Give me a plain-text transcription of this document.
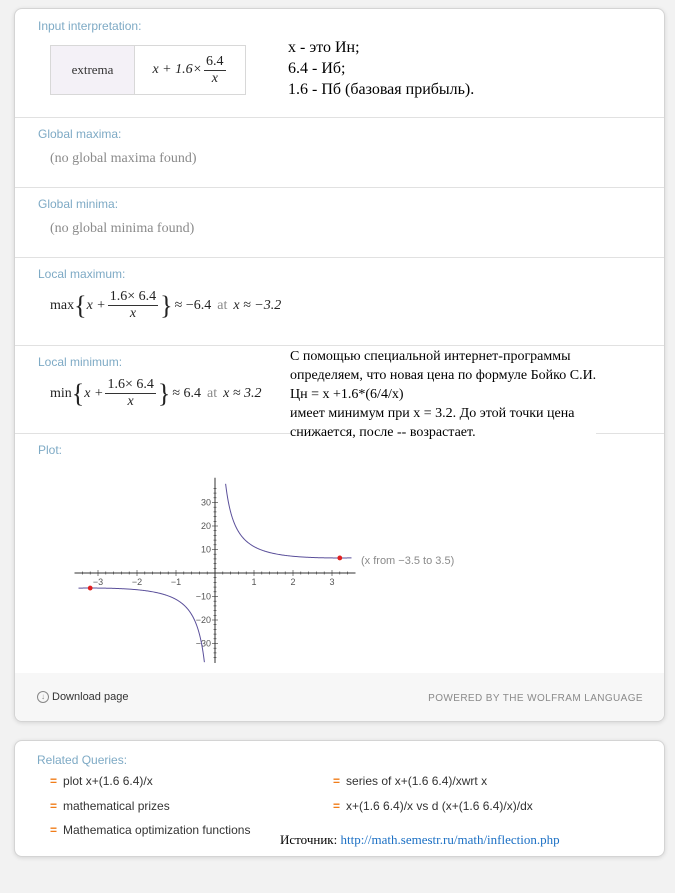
Input interpretation:
extrema	$x + 1.6\times \frac{6.4}{x}$
Global maxima:
(no global maxima found)
Global minima:
(no global minima found)
Local maximum:
max { $x + \frac{1.6\times 6.4}{x}$ } ≈ −6.4 at x ≈ −3.2
Local minimum:
min { $x + \frac{1.6\times 6.4}{x}$ } ≈ 6.4 at x ≈ 3.2
Plot:
−3	−2	−1	1	2	3
−30
−20
−10
10
20
30
(x from −3.5 to 3.5)
↓ Download page	POWERED BY THE WOLFRAM LANGUAGE
x - это Ин;
6.4 - Иб;
1.6 - Пб (базовая прибыль).
С помощью специальной интернет-программы
определяем, что новая цена по формуле Бойко С.И.
Цн = x +1.6*(6/4/x)
имеет минимум при x = 3.2. До этой точки цена
снижается, после -- возрастает.
Related Queries:
= plot x+(1.6 6.4)/x	= series of x+(1.6 6.4)/xwrt x
= mathematical prizes	= x+(1.6 6.4)/x vs d (x+(1.6 6.4)/x)/dx
= Mathematica optimization functions
Источник: http://math.semestr.ru/math/inflection.php
